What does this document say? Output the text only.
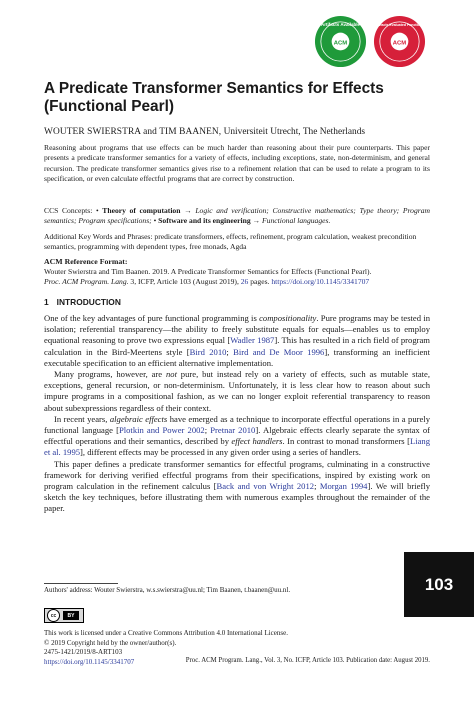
ACM
Artifacts Available
ACM
Artifacts Evaluated Functional
A Predicate Transformer Semantics for Effects
(Functional Pearl)
WOUTER SWIERSTRA and TIM BAANEN, Universiteit Utrecht, The Netherlands

Reasoning about programs that use effects can be much harder than reasoning about their pure counterparts. This paper presents a predicate transformer semantics for a variety of effects, including exceptions, state, non-determinism, and general recursion. The predicate transformer semantics gives rise to a refinement relation that can be used to relate a program to its specification, or even calculate effectful programs that are correct by construction.

CCS Concepts: • Theory of computation → Logic and verification; Constructive mathematics; Type theory; Program semantics; Program specifications; • Software and its engineering → Functional languages.

Additional Key Words and Phrases: predicate transformers, effects, refinement, program calculation, weakest precondition semantics, programming with dependent types, free monads, Agda

ACM Reference Format:

Wouter Swierstra and Tim Baanen. 2019. A Predicate Transformer Semantics for Effects (Functional Pearl).
Proc. ACM Program. Lang. 3, ICFP, Article 103 (August 2019), 26 pages. https://doi.org/10.1145/3341707

1 INTRODUCTION

One of the key advantages of pure functional programming is compositionality. Pure programs may be tested in isolation; referential transparency—the ability to freely substitute equals for equals—enables us to employ equational reasoning to prove two expressions equal [Wadler 1987]. This has resulted in a rich field of program calculation in the Bird-Meertens style [Bird 2010; Bird and De Moor 1996], transforming an inefficient executable specification to an efficient alternative implementation.

Many programs, however, are not pure, but instead rely on a variety of effects, such as mutable state, exceptions, general recursion, or non-determinism. Unfortunately, it is less clear how to reason about such impure programs in a compositional fashion, as we can no longer exploit referential transparency to reason about subexpressions regardless of their context.

In recent years, algebraic effects have emerged as a technique to incorporate effectful operations in a purely functional language [Plotkin and Power 2002; Pretnar 2010]. Algebraic effects clearly separate the syntax of effectful operations and their semantics, described by effect handlers. In contrast to monad transformers [Liang et al. 1995], different effects may be processed in any given order using a series of handlers.

This paper defines a predicate transformer semantics for effectful programs, culminating in a constructive framework for deriving verified effectful programs from their specifications, inspired by existing work on program calculation in the refinement calculus [Back and von Wright 2012; Morgan 1994]. We will briefly sketch the key techniques, before illustrating them with numerous examples throughout the remainder of the paper.

Authors' address: Wouter Swierstra, w.s.swierstra@uu.nl; Tim Baanen, t.baanen@uu.nl.

cc	BY
This work is licensed under a Creative Commons Attribution 4.0 International License.
© 2019 Copyright held by the owner/author(s).
2475-1421/2019/8-ART103
https://doi.org/10.1145/3341707	Proc. ACM Program. Lang., Vol. 3, No. ICFP, Article 103. Publication date: August 2019.
103
